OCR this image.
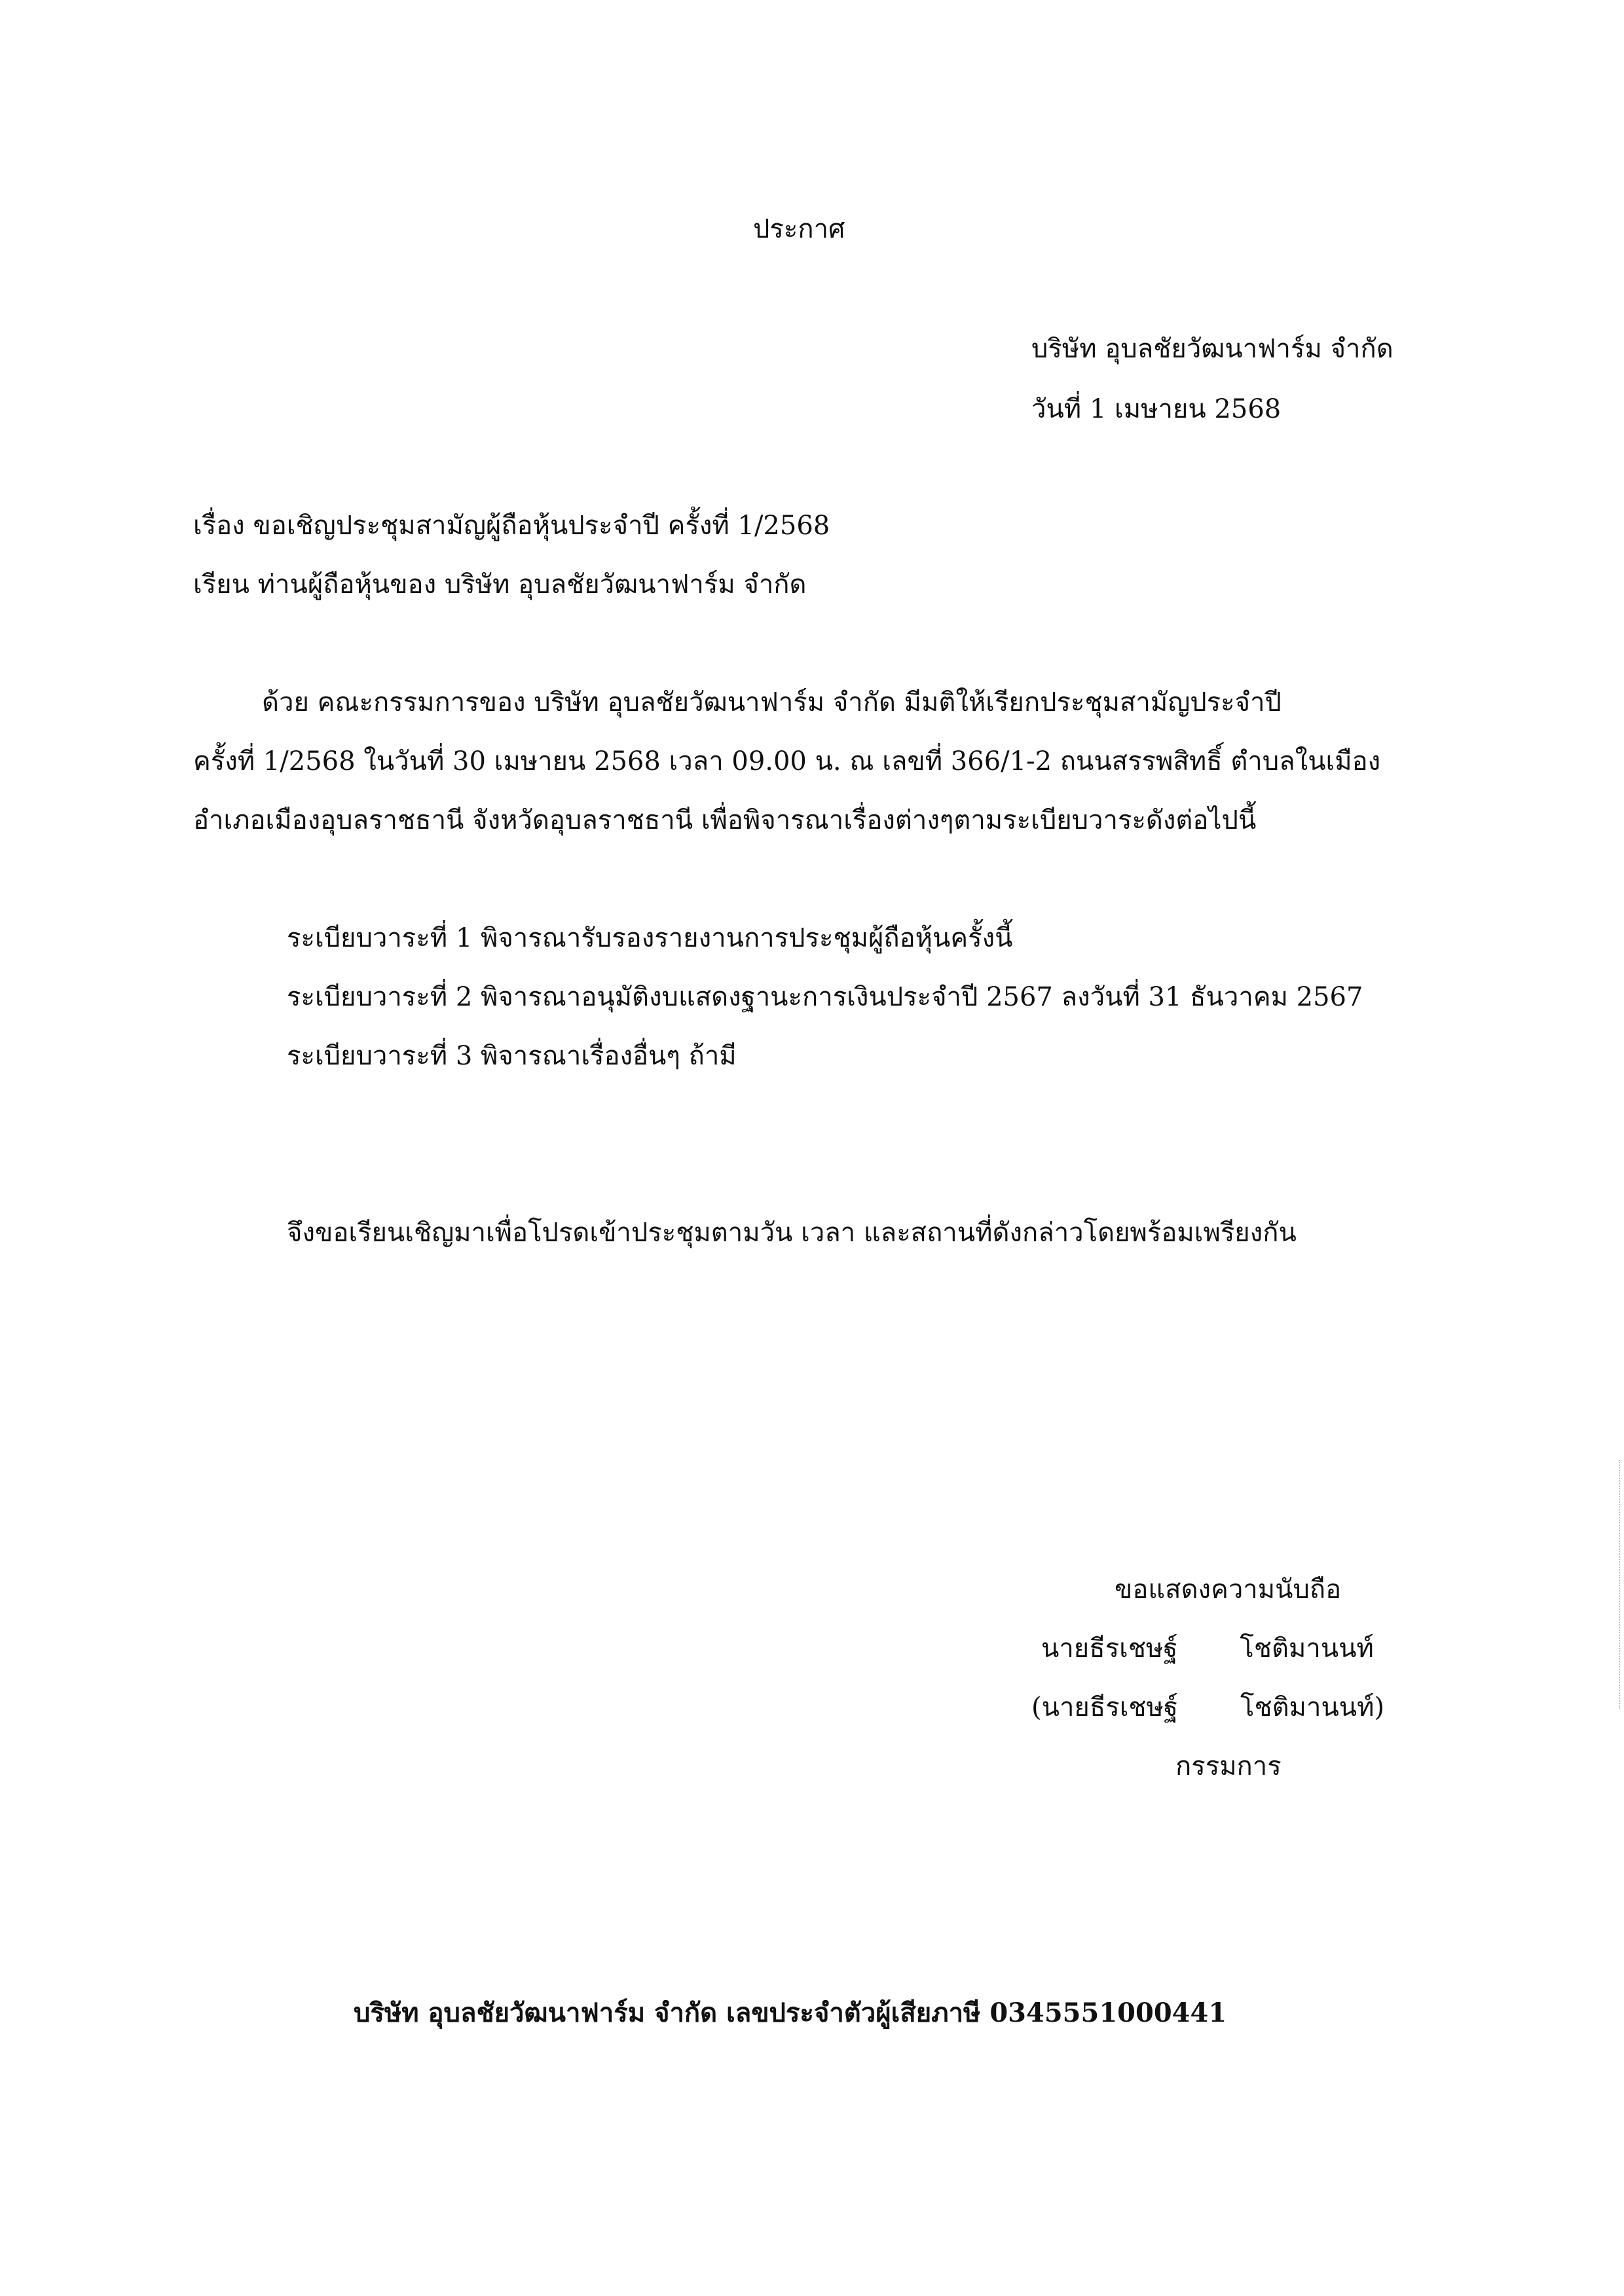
ประกาศ
บริษัท อุบลชัยวัฒนาฟาร์ม จำกัด
วันที่ 1 เมษายน 2568
เรื่อง ขอเชิญประชุมสามัญผู้ถือหุ้นประจำปี ครั้งที่ 1/2568
เรียน ท่านผู้ถือหุ้นของ บริษัท อุบลชัยวัฒนาฟาร์ม จำกัด
ด้วย คณะกรรมการของ บริษัท อุบลชัยวัฒนาฟาร์ม จำกัด มีมติให้เรียกประชุมสามัญประจำปี
ครั้งที่ 1/2568 ในวันที่ 30 เมษายน 2568 เวลา 09.00 น. ณ เลขที่ 366/1-2 ถนนสรรพสิทธิ์ ตำบลในเมือง
อำเภอเมืองอุบลราชธานี จังหวัดอุบลราชธานี เพื่อพิจารณาเรื่องต่างๆตามระเบียบวาระดังต่อไปนี้
ระเบียบวาระที่ 1 พิจารณารับรองรายงานการประชุมผู้ถือหุ้นครั้งนี้
ระเบียบวาระที่ 2 พิจารณาอนุมัติงบแสดงฐานะการเงินประจำปี 2567 ลงวันที่ 31 ธันวาคม 2567
ระเบียบวาระที่ 3 พิจารณาเรื่องอื่นๆ ถ้ามี
จึงขอเรียนเชิญมาเพื่อโปรดเข้าประชุมตามวัน เวลา และสถานที่ดังกล่าวโดยพร้อมเพรียงกัน
ขอแสดงความนับถือ
นายธีรเชษฐ์ โชติมานนท์
(นายธีรเชษฐ์ โชติมานนท์)
กรรมการ
บริษัท อุบลชัยวัฒนาฟาร์ม จำกัด เลขประจำตัวผู้เสียภาษี 0345551000441
